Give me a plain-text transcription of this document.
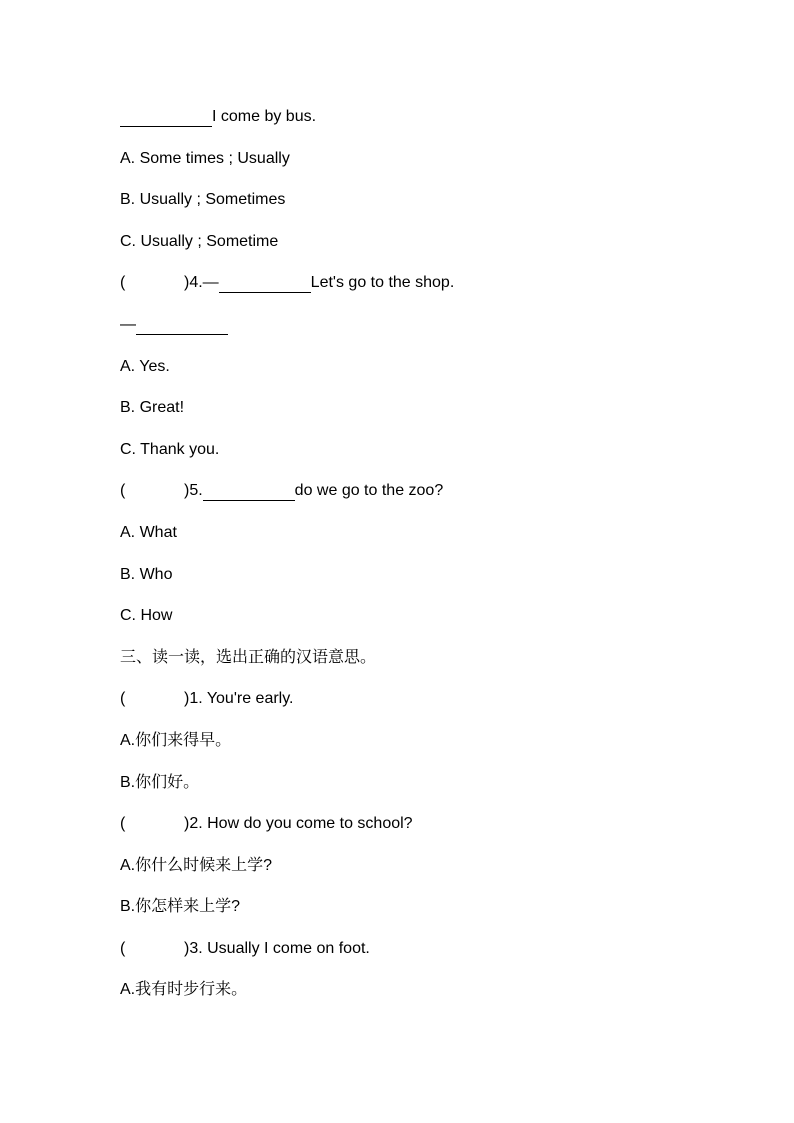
I come by bus.
A. Some times ; Usually
B. Usually ; Sometimes
C. Usually ; Sometime
(	)4.—	Let's go to the shop.
—
A. Yes.
B. Great!
C. Thank you.
(	)5.	do we go to the zoo?
A. What
B. Who
C. How
三、读一读，选出正确的汉语意思。
(	)1. You're early.
A.你们来得早。
B.你们好。
(	)2. How do you come to school?
A.你什么时候来上学?
B.你怎样来上学?
(	)3. Usually I come on foot.
A.我有时步行来。
